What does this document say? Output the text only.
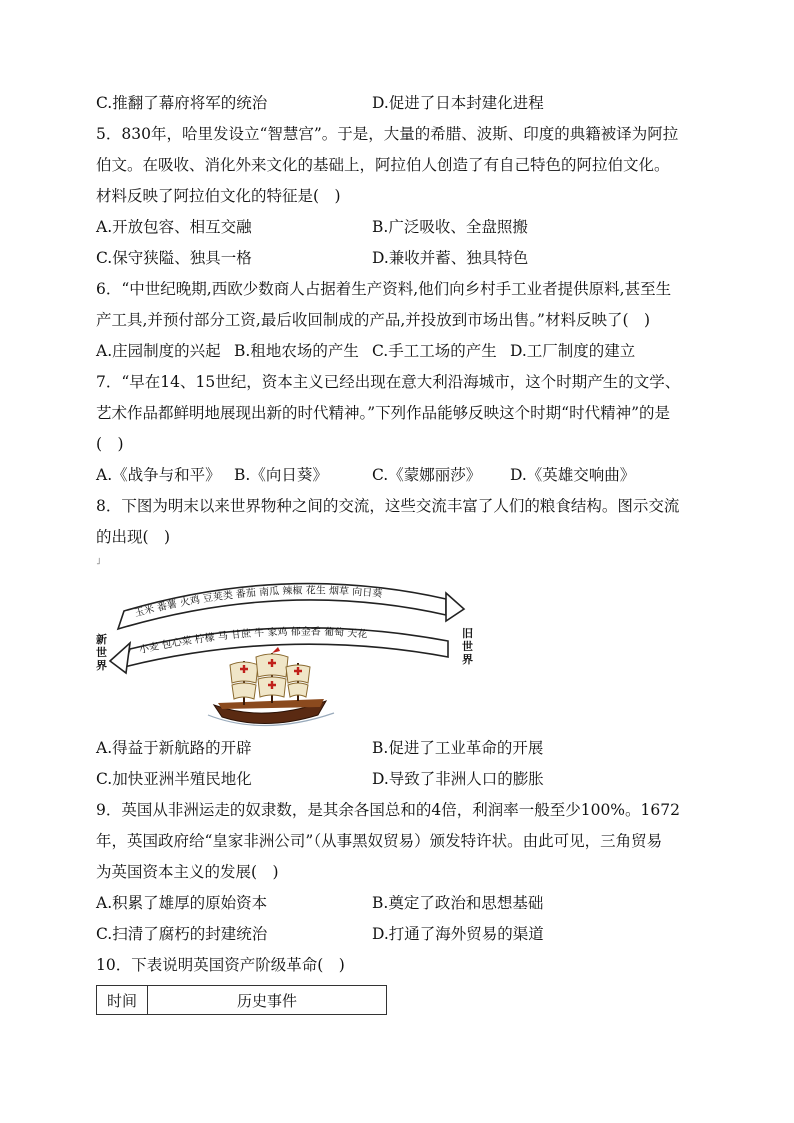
C.推翻了幕府将军的统治	D.促进了日本封建化进程
5．830年，哈里发设立“智慧宫”。于是，大量的希腊、波斯、印度的典籍被译为阿拉
伯文。在吸收、消化外来文化的基础上，阿拉伯人创造了有自己特色的阿拉伯文化。
材料反映了阿拉伯文化的特征是(　)
A.开放包容、相互交融	B.广泛吸收、全盘照搬
C.保守狭隘、独具一格	D.兼收并蓄、独具特色
6．“中世纪晚期,西欧少数商人占据着生产资料,他们向乡村手工业者提供原料,甚至生
产工具,并预付部分工资,最后收回制成的产品,并投放到市场出售。”材料反映了(　)
A.庄园制度的兴起 B.租地农场的产生 C.手工工场的产生 D.工厂制度的建立
7．“早在14、15世纪，资本主义已经出现在意大利沿海城市，这个时期产生的文学、
艺术作品都鲜明地展现出新的时代精神。”下列作品能够反映这个时期“时代精神”的是
(　)
A.《战争与和平》 B.《向日葵》	C.《蒙娜丽莎》	D.《英雄交响曲》
8．下图为明末以来世界物种之间的交流，这些交流丰富了人们的粮食结构。图示交流
的出现(　)
˩
玉米 番薯 火鸡 豆荚类 番茄 南瓜 辣椒 花生 烟草 向日葵
小麦 包心菜 柠檬 马 甘蔗 牛 家鸡 郁金香 葡萄 天花
新
世
界
旧
世
界
A.得益于新航路的开辟	B.促进了工业革命的开展
C.加快亚洲半殖民地化	D.导致了非洲人口的膨胀
9．英国从非洲运走的奴隶数，是其余各国总和的4倍，利润率一般至少100%。1672
年，英国政府给“皇家非洲公司”（从事黑奴贸易）颁发特许状。由此可见，三角贸易
为英国资本主义的发展(　)
A.积累了雄厚的原始资本	B.奠定了政治和思想基础
C.扫清了腐朽的封建统治	D.打通了海外贸易的渠道
10．下表说明英国资产阶级革命(　)
时间	历史事件
